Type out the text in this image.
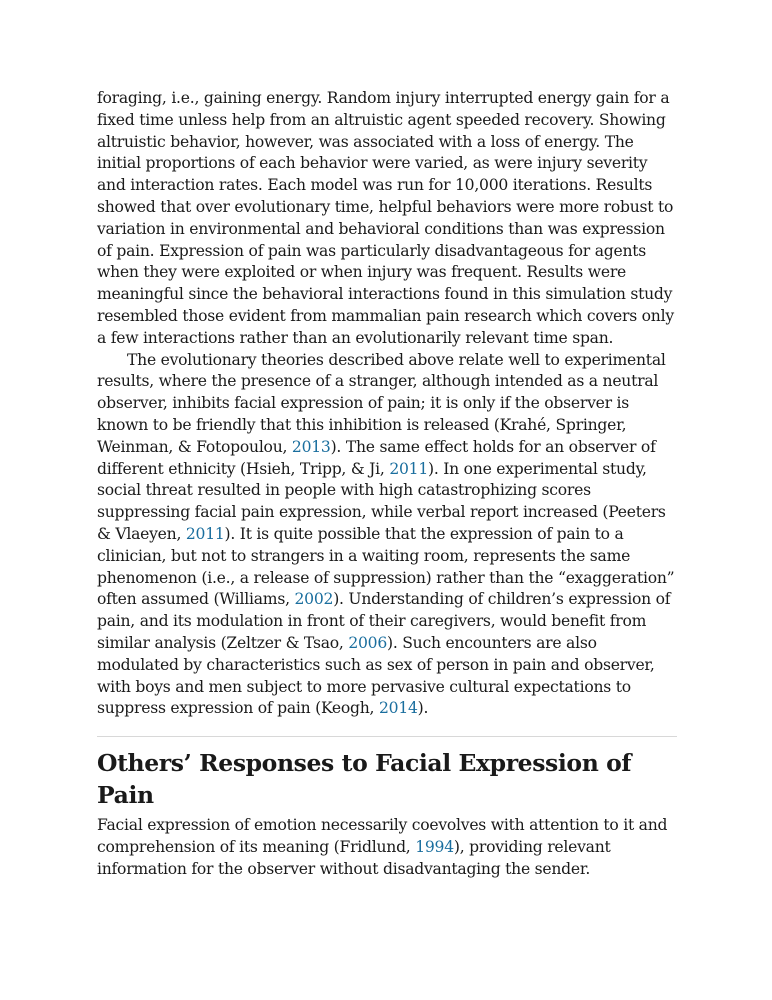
foraging, i.e., gaining energy. Random injury interrupted energy gain for a fixed time unless help from an altruistic agent speeded recovery. Showing altruistic behavior, however, was associated with a loss of energy. The initial proportions of each behavior were varied, as were injury severity and interaction rates. Each model was run for 10,000 iterations. Results showed that over evolutionary time, helpful behaviors were more robust to variation in environmental and behavioral conditions than was expression of pain. Expression of pain was particularly disadvantageous for agents when they were exploited or when injury was frequent. Results were meaningful since the behavioral interactions found in this simulation study resembled those evident from mammalian pain research which covers only a few interactions rather than an evolutionarily relevant time span.

The evolutionary theories described above relate well to experimental results, where the presence of a stranger, although intended as a neutral observer, inhibits facial expression of pain; it is only if the observer is known to be friendly that this inhibition is released (Krahé, Springer, Weinman, & Fotopoulou, 2013). The same effect holds for an observer of different ethnicity (Hsieh, Tripp, & Ji, 2011). In one experimental study, social threat resulted in people with high catastrophizing scores suppressing facial pain expression, while verbal report increased (Peeters & Vlaeyen, 2011). It is quite possible that the expression of pain to a clinician, but not to strangers in a waiting room, represents the same phenomenon (i.e., a release of suppression) rather than the “exaggeration” often assumed (Williams, 2002). Understanding of children’s expression of pain, and its modulation in front of their caregivers, would benefit from similar analysis (Zeltzer & Tsao, 2006). Such encounters are also modulated by characteristics such as sex of person in pain and observer, with boys and men subject to more pervasive cultural expectations to suppress expression of pain (Keogh, 2014).

Others’ Responses to Facial Expression of Pain

Facial expression of emotion necessarily coevolves with attention to it and comprehension of its meaning (Fridlund, 1994), providing relevant information for the observer without disadvantaging the sender.
